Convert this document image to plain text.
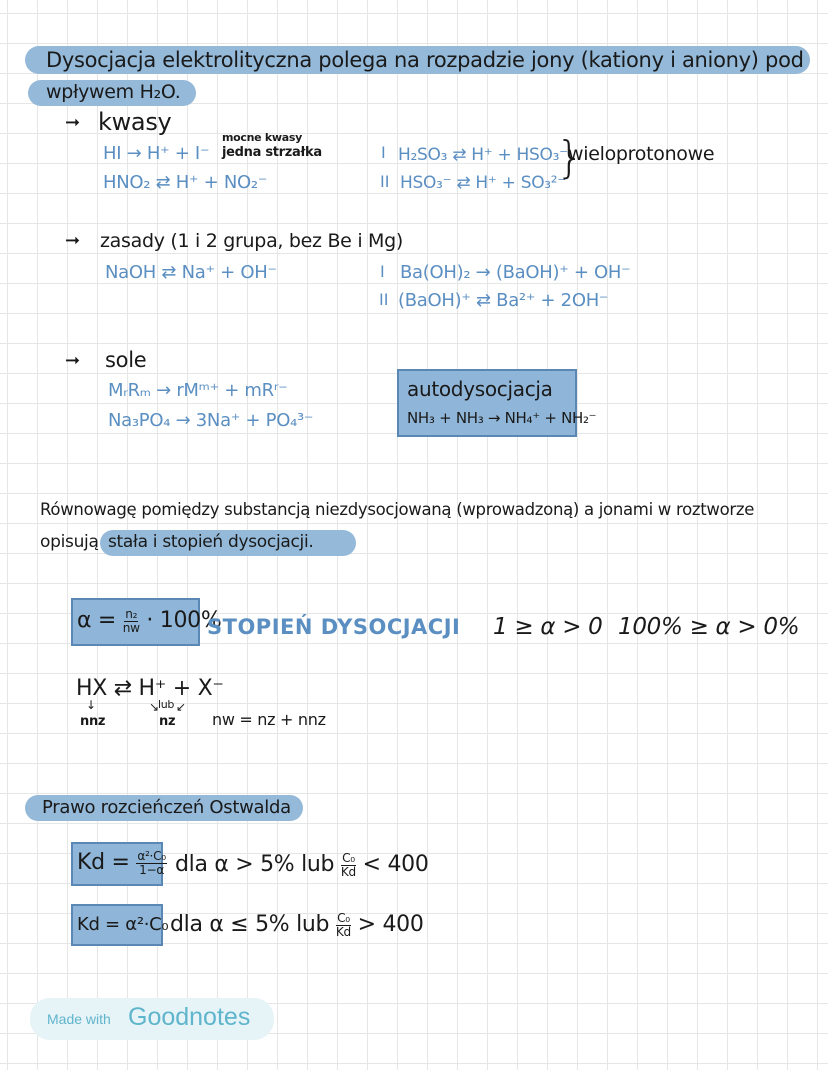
Dysocjacja elektrolityczna polega na rozpadzie jony (kationy i aniony) pod
wpływem H₂O.
➞ kwasy
HI → H⁺ + I⁻
HNO₂ ⇄ H⁺ + NO₂⁻
mocne kwasy
jedna strzałka	I H₂SO₃ ⇄ H⁺ + HSO₃⁻
II HSO₃⁻ ⇄ H⁺ + SO₃²⁻
}
wieloprotonowe
➞ zasady (1 i 2 grupa, bez Be i Mg)
NaOH ⇄ Na⁺ + OH⁻	I Ba(OH)₂ → (BaOH)⁺ + OH⁻
II (BaOH)⁺ ⇄ Ba²⁺ + 2OH⁻
➞ sole
MᵣRₘ → rMᵐ⁺ + mRʳ⁻
Na₃PO₄ → 3Na⁺ + PO₄³⁻
autodysocjacja
NH₃ + NH₃ → NH₄⁺ + NH₂⁻
Równowagę pomiędzy substancją niezdysocjowaną (wprowadzoną) a jonami w roztworze
opisują stała i stopień dysocjacji.
$\alpha = \frac{\text{n₂}}{nw} \cdot 100\%$
STOPIEŃ DYSOCJACJI 1 ≥ α > 0 100% ≥ α > 0%
HX ⇄ H⁺ + X⁻
↓
nnz
↘
lub ↙
nz nw = nz + nnz
Prawo rozcieńczeń Ostwalda
$Kd = \frac{\text{α²·C₀}}{1-\alpha}$ dla α > 5% lub $\frac{\text{C₀}}{Kd} < 400$
Kd = α²·C₀ dla α ≤ 5% lub $\frac{\text{C₀}}{Kd} > 400$
Made with Goodnotes
